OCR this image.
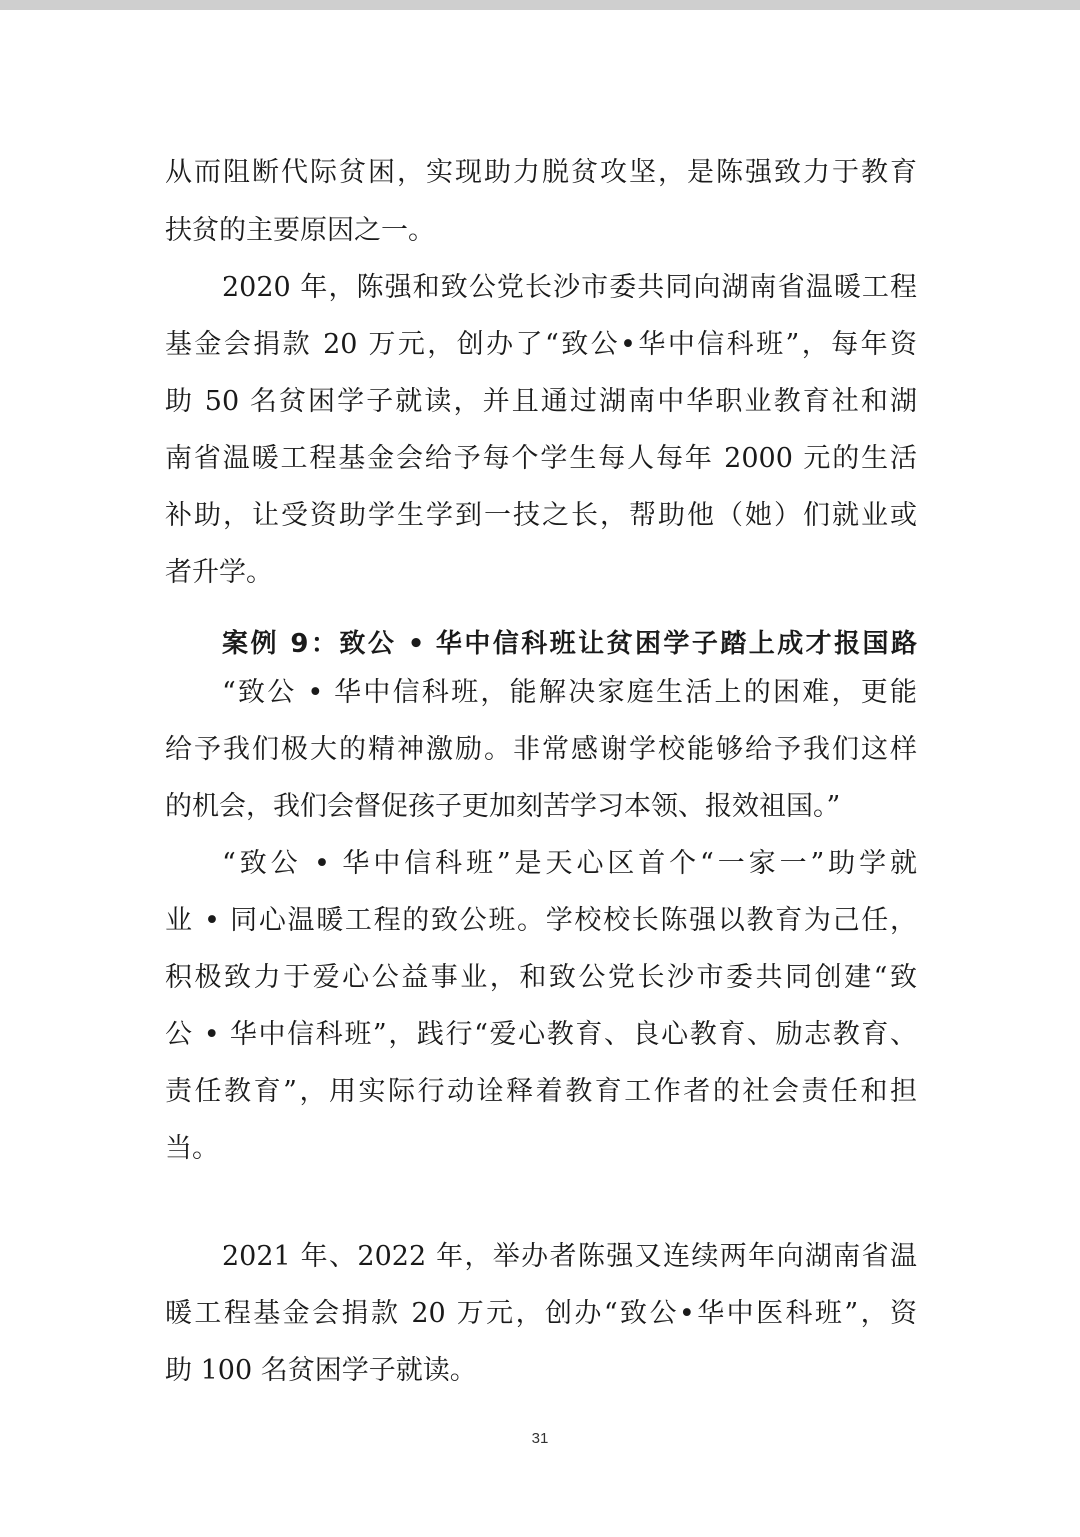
从而阻断代际贫困，实现助力脱贫攻坚，是陈强致力于教育
扶贫的主要原因之一。
2020 年，陈强和致公党长沙市委共同向湖南省温暖工程
基金会捐款 20 万元，创办了“致公•华中信科班”，每年资
助 50 名贫困学子就读，并且通过湖南中华职业教育社和湖
南省温暖工程基金会给予每个学生每人每年 2000 元的生活
补助，让受资助学生学到一技之长，帮助他（她）们就业或
者升学。
案例 9：致公 • 华中信科班让贫困学子踏上成才报国路
“致公 • 华中信科班，能解决家庭生活上的困难，更能
给予我们极大的精神激励。非常感谢学校能够给予我们这样
的机会，我们会督促孩子更加刻苦学习本领、报效祖国。”
“致公 • 华中信科班”是天心区首个“一家一”助学就
业 • 同心温暖工程的致公班。学校校长陈强以教育为己任，
积极致力于爱心公益事业，和致公党长沙市委共同创建“致
公 • 华中信科班”，践行“爱心教育、良心教育、励志教育、
责任教育”，用实际行动诠释着教育工作者的社会责任和担
当。
2021 年、2022 年，举办者陈强又连续两年向湖南省温
暖工程基金会捐款 20 万元，创办“致公•华中医科班”，资
助 100 名贫困学子就读。
31
